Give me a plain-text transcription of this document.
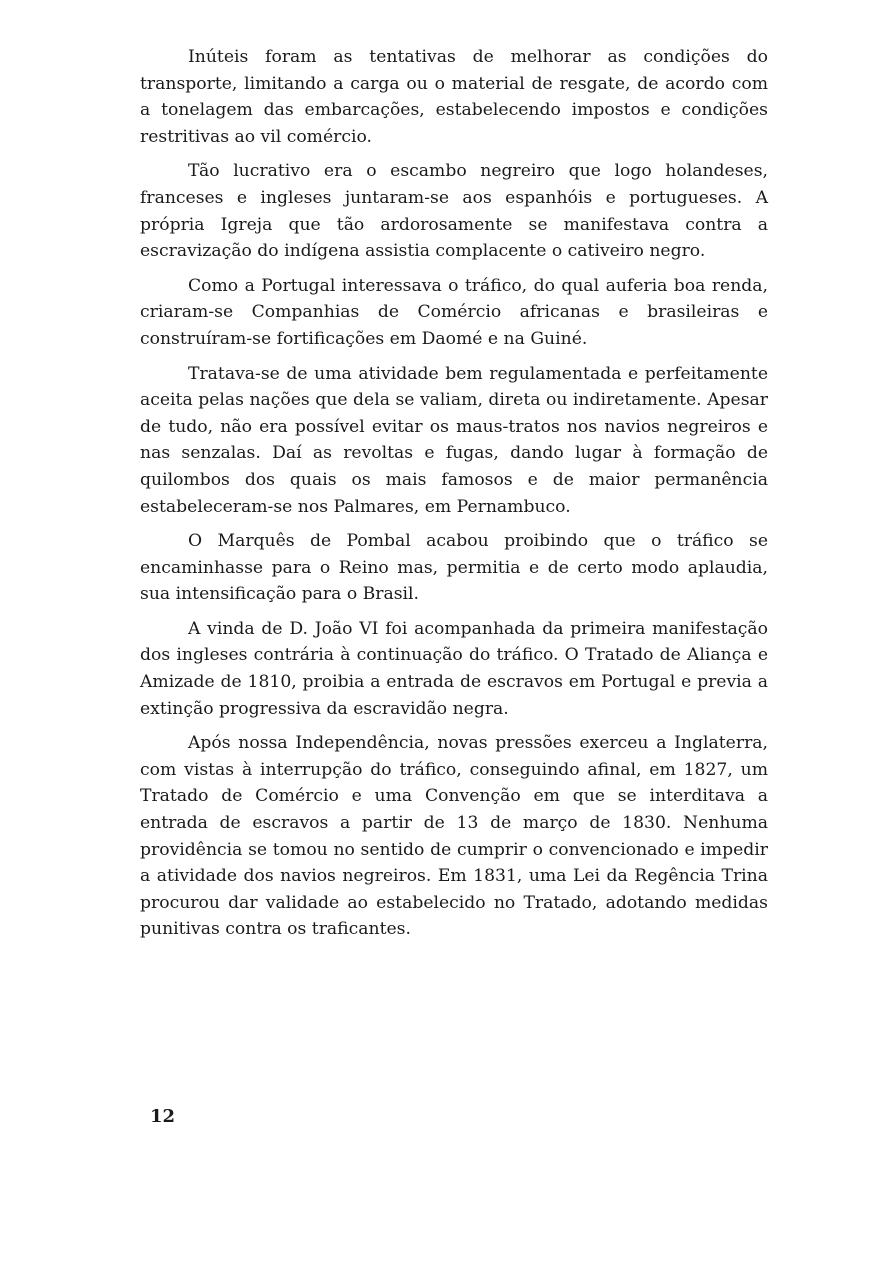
Inúteis foram as tentativas de melhorar as condições do transporte, limitando a carga ou o material de resgate, de acordo com a tonelagem das embarcações, estabelecendo impostos e condições restritivas ao vil comércio.

Tão lucrativo era o escambo negreiro que logo holandeses, franceses e ingleses juntaram-se aos espanhóis e portugueses. A própria Igreja que tão ardorosamente se manifestava contra a escravização do indígena assistia complacente o cativeiro negro.

Como a Portugal interessava o tráfico, do qual auferia boa renda, criaram-se Companhias de Comércio africanas e brasileiras e construíram-se fortificações em Daomé e na Guiné.

Tratava-se de uma atividade bem regulamentada e perfeitamente aceita pelas nações que dela se valiam, direta ou indiretamente. Apesar de tudo, não era possível evitar os maus-tratos nos navios negreiros e nas senzalas. Daí as revoltas e fugas, dando lugar à formação de quilombos dos quais os mais famosos e de maior permanência estabeleceram-se nos Palmares, em Pernambuco.

O Marquês de Pombal acabou proibindo que o tráfico se encaminhasse para o Reino mas, permitia e de certo modo aplaudia, sua intensificação para o Brasil.

A vinda de D. João VI foi acompanhada da primeira manifestação dos ingleses contrária à continuação do tráfico. O Tratado de Aliança e Amizade de 1810, proibia a entrada de escravos em Portugal e previa a extinção progressiva da escravidão negra.

Após nossa Independência, novas pressões exerceu a Inglaterra, com vistas à interrupção do tráfico, conseguindo afinal, em 1827, um Tratado de Comércio e uma Convenção em que se interditava a entrada de escravos a partir de 13 de março de 1830. Nenhuma providência se tomou no sentido de cumprir o convencionado e impedir a atividade dos navios negreiros. Em 1831, uma Lei da Regência Trina procurou dar validade ao estabelecido no Tratado, adotando medidas punitivas contra os traficantes.

12
